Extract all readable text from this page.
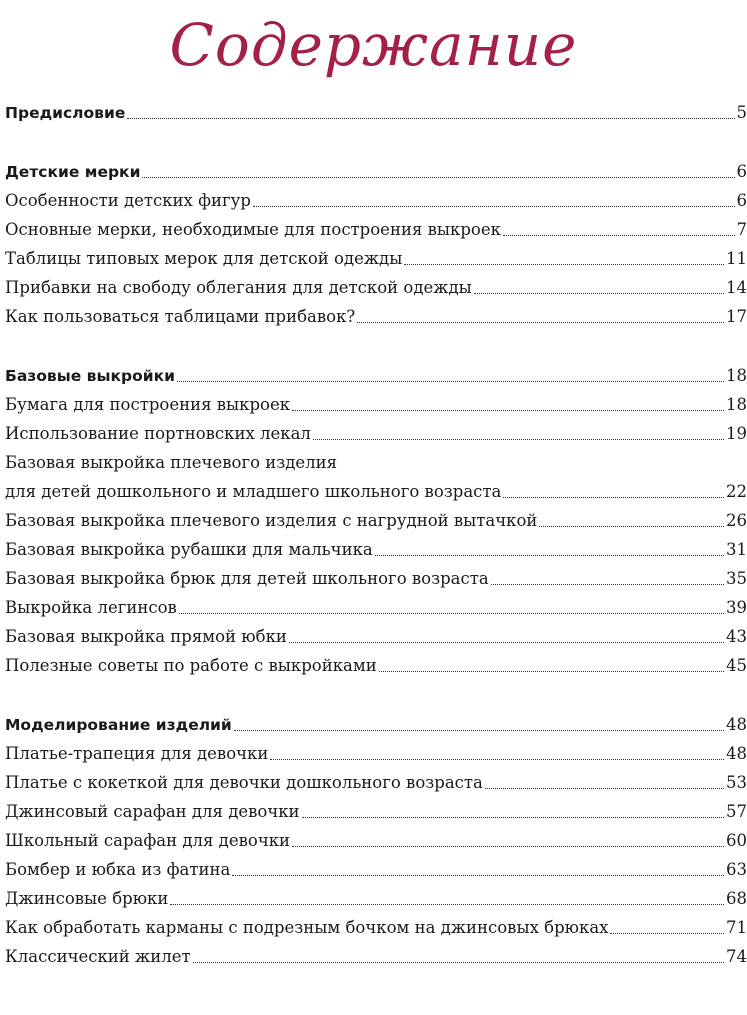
Содержание
Предисловие	5
Детские мерки	6
Особенности детских фигур	6
Основные мерки, необходимые для построения выкроек	7
Таблицы типовых мерок для детской одежды	11
Прибавки на свободу облегания для детской одежды	14
Как пользоваться таблицами прибавок?	17
Базовые выкройки	18
Бумага для построения выкроек	18
Использование портновских лекал	19
Базовая выкройка плечевого изделия
для детей дошкольного и младшего школьного возраста	22
Базовая выкройка плечевого изделия с нагрудной вытачкой	26
Базовая выкройка рубашки для мальчика	31
Базовая выкройка брюк для детей школьного возраста	35
Выкройка легинсов	39
Базовая выкройка прямой юбки	43
Полезные советы по работе с выкройками	45
Моделирование изделий	48
Платье-трапеция для девочки	48
Платье с кокеткой для девочки дошкольного возраста	53
Джинсовый сарафан для девочки	57
Школьный сарафан для девочки	60
Бомбер и юбка из фатина	63
Джинсовые брюки	68
Как обработать карманы с подрезным бочком на джинсовых брюках	71
Классический жилет	74
